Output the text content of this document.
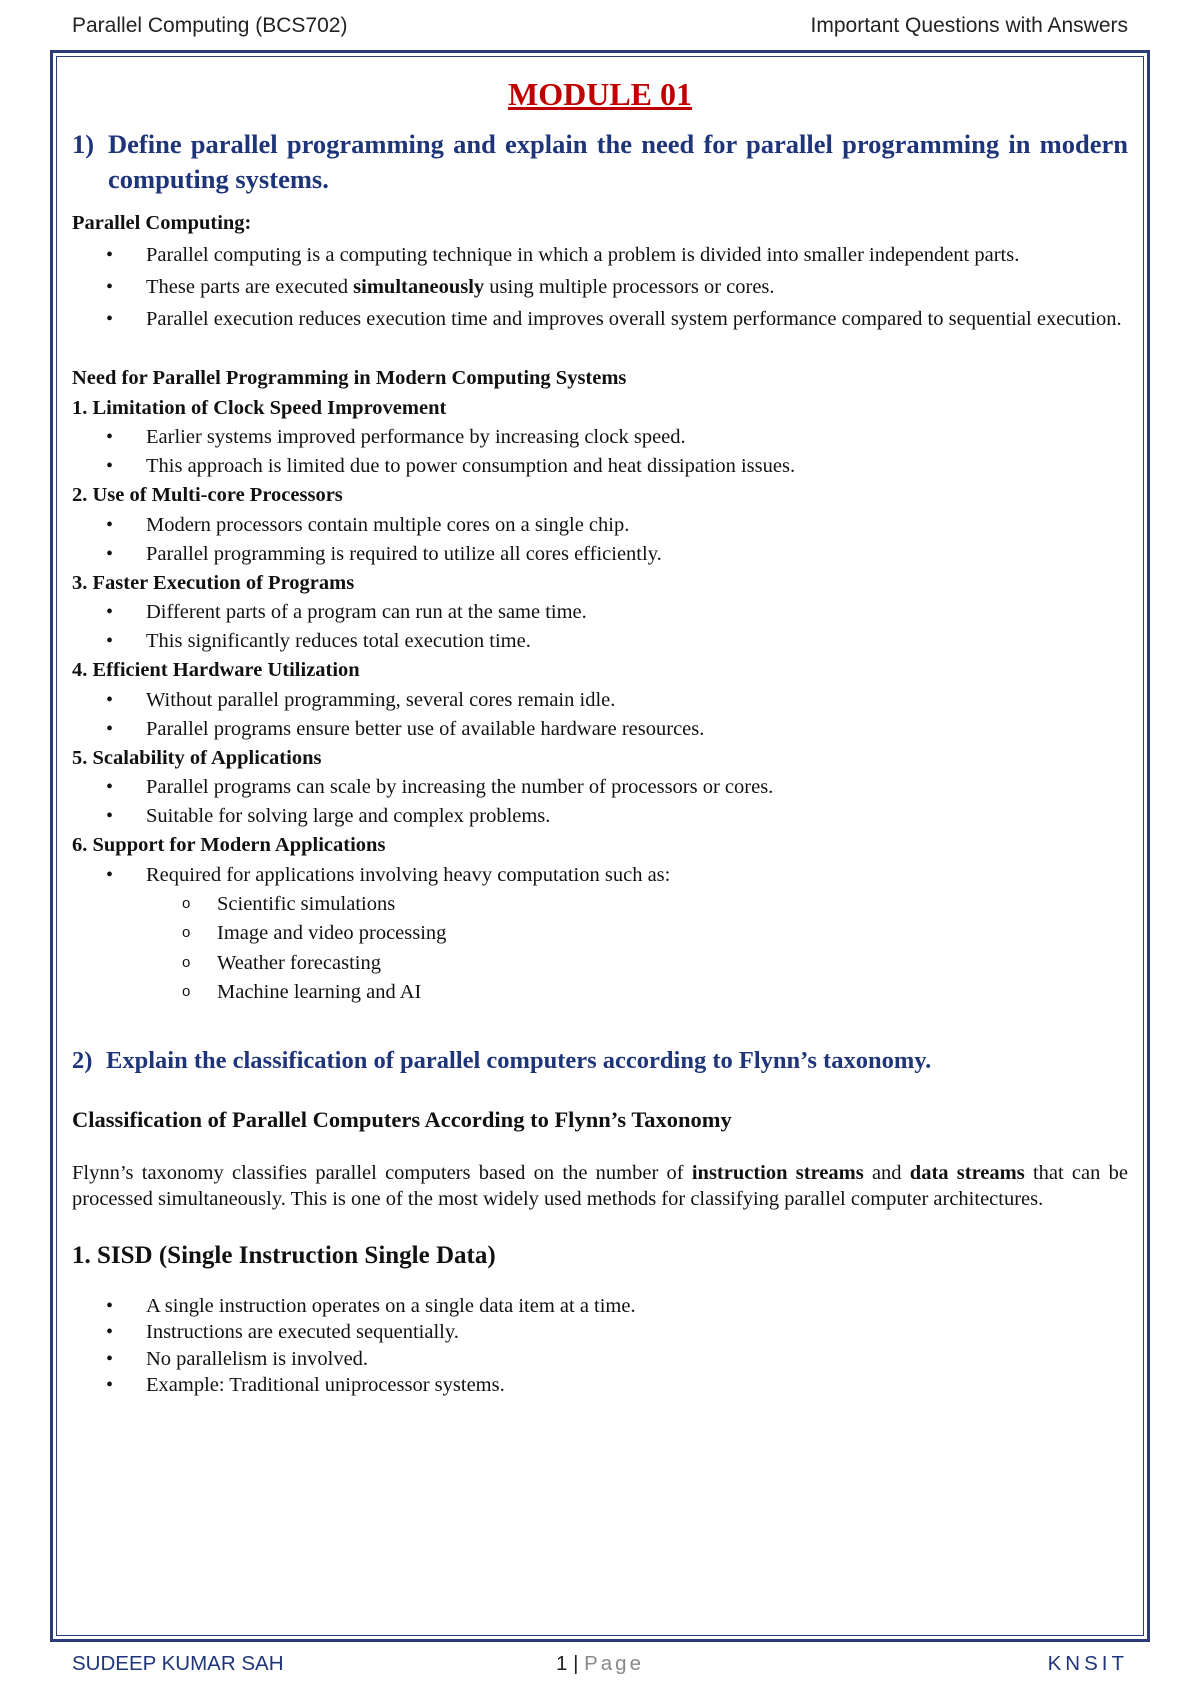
Parallel Computing (BCS702)	Important Questions with Answers
MODULE 01
1) Define parallel programming and explain the need for parallel programming in modern computing systems.
Parallel Computing:
• Parallel computing is a computing technique in which a problem is divided into smaller independent parts.
• These parts are executed simultaneously using multiple processors or cores.
• Parallel execution reduces execution time and improves overall system performance compared to sequential execution.
Need for Parallel Programming in Modern Computing Systems
1. Limitation of Clock Speed Improvement
• Earlier systems improved performance by increasing clock speed.
• This approach is limited due to power consumption and heat dissipation issues.
2. Use of Multi-core Processors
• Modern processors contain multiple cores on a single chip.
• Parallel programming is required to utilize all cores efficiently.
3. Faster Execution of Programs
• Different parts of a program can run at the same time.
• This significantly reduces total execution time.
4. Efficient Hardware Utilization
• Without parallel programming, several cores remain idle.
• Parallel programs ensure better use of available hardware resources.
5. Scalability of Applications
• Parallel programs can scale by increasing the number of processors or cores.
• Suitable for solving large and complex problems.
6. Support for Modern Applications
• Required for applications involving heavy computation such as:
o Scientific simulations
o Image and video processing
o Weather forecasting
o Machine learning and AI
2) Explain the classification of parallel computers according to Flynn’s taxonomy.
Classification of Parallel Computers According to Flynn’s Taxonomy
Flynn’s taxonomy classifies parallel computers based on the number of instruction streams and data streams that can be processed simultaneously. This is one of the most widely used methods for classifying parallel computer architectures.
1. SISD (Single Instruction Single Data)
• A single instruction operates on a single data item at a time.
• Instructions are executed sequentially.
• No parallelism is involved.
• Example: Traditional uniprocessor systems.
SUDEEP KUMAR SAH	1 | Page	KNSIT
